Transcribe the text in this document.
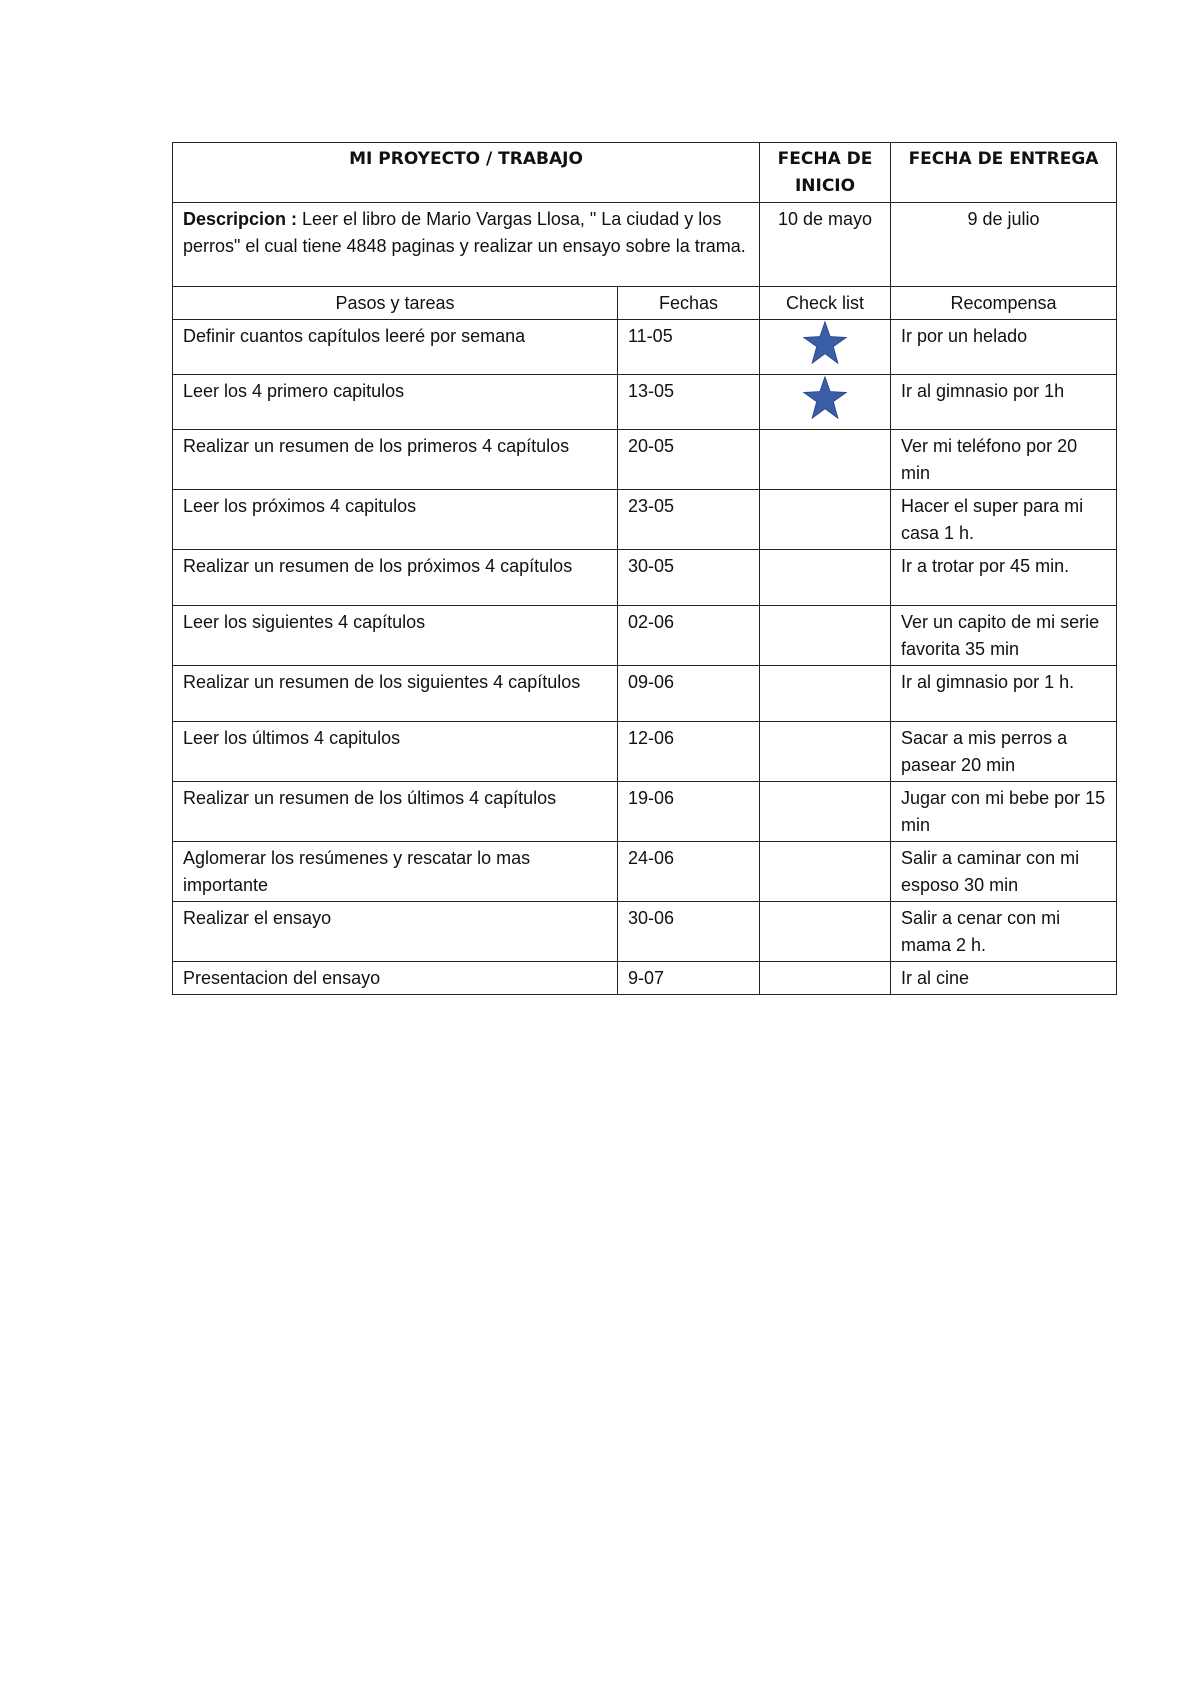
MI PROYECTO / TRABAJO		FECHA DE INICIO	FECHA DE ENTREGA
Descripcion : Leer el libro de Mario Vargas Llosa, " La ciudad y los perros" el cual tiene 4848 paginas y realizar un ensayo sobre la trama.		10 de mayo	9 de julio
Pasos y tareas	Fechas	Check list	Recompensa
Definir cuantos capítulos leeré por semana	11-05		Ir por un helado
Leer los 4 primero capitulos	13-05		Ir al gimnasio por 1h
Realizar un resumen de los primeros 4 capítulos	20-05		Ver mi teléfono por 20 min
Leer los próximos 4 capitulos	23-05		Hacer el super para mi casa 1 h.
Realizar un resumen de los próximos 4 capítulos	30-05		Ir a trotar por 45 min.
Leer los siguientes 4 capítulos	02-06		Ver un capito de mi serie favorita 35 min
Realizar un resumen de los siguientes 4 capítulos	09-06		Ir al gimnasio por 1 h.
Leer los últimos 4 capitulos	12-06		Sacar a mis perros a pasear 20 min
Realizar un resumen de los últimos 4 capítulos	19-06		Jugar con mi bebe por 15 min
Aglomerar los resúmenes y rescatar lo mas importante	24-06		Salir a caminar con mi esposo 30 min
Realizar el ensayo	30-06		Salir a cenar con mi mama 2 h.
Presentacion del ensayo	9-07		Ir al cine
